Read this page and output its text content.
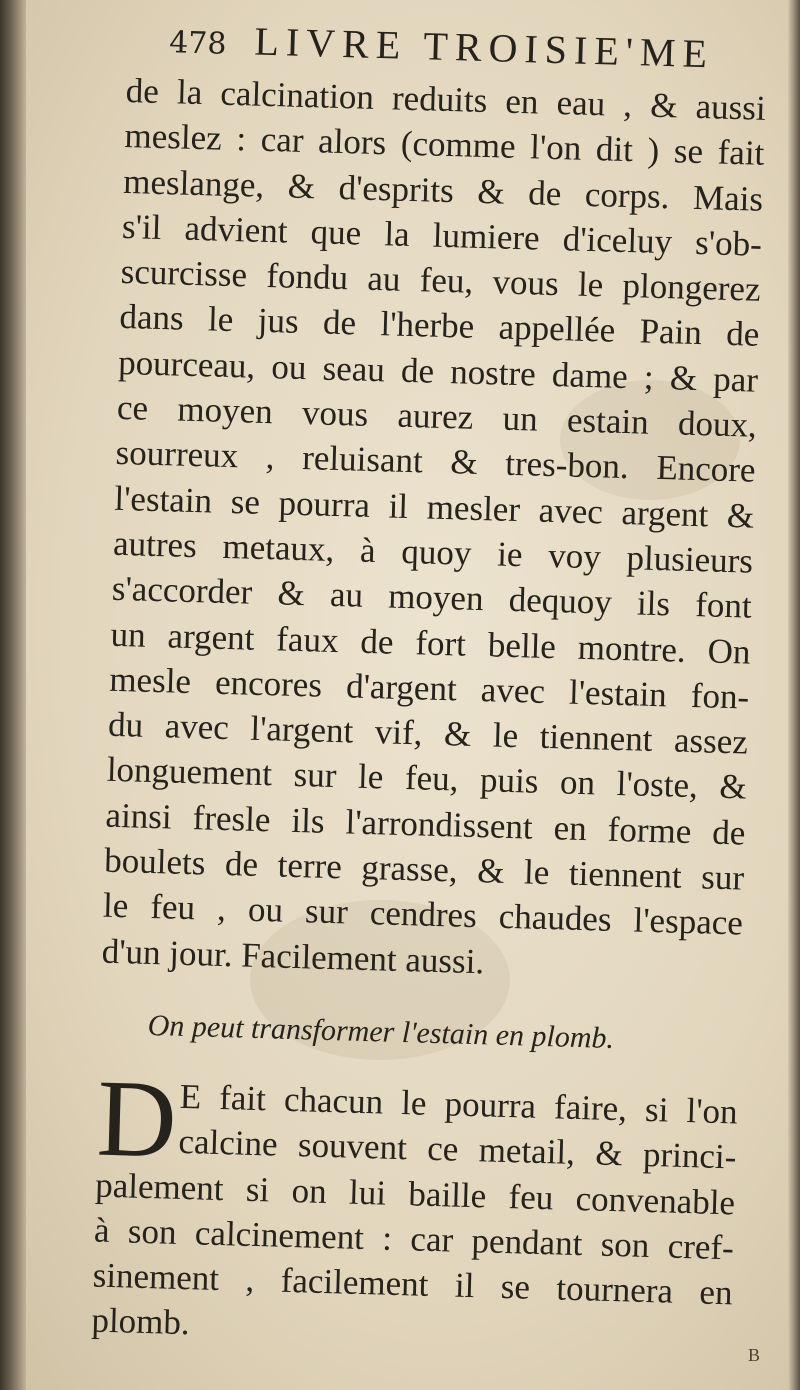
478 LIVRE TROISIE'ME

de la calcination reduits en eau , & aussi

meslez : car alors (comme l'on dit ) se fait

meslange, & d'esprits & de corps. Mais

s'il advient que la lumiere d'iceluy s'ob-

scurcisse fondu au feu, vous le plongerez

dans le jus de l'herbe appellée Pain de

pourceau, ou seau de nostre dame ; & par

ce moyen vous aurez un estain doux,

sourreux , reluisant & tres-bon. Encore

l'estain se pourra il mesler avec argent &

autres metaux, à quoy ie voy plusieurs

s'accorder & au moyen dequoy ils font

un argent faux de fort belle montre. On

mesle encores d'argent avec l'estain fon-

du avec l'argent vif, & le tiennent assez

longuement sur le feu, puis on l'oste, &

ainsi fresle ils l'arrondissent en forme de

boulets de terre grasse, & le tiennent sur

le feu , ou sur cendres chaudes l'espace

d'un jour. Facilement aussi.

On peut transformer l'estain en plomb.
D E fait chacun le pourra faire, si l'on

calcine souvent ce metail, & princi-

palement si on lui baille feu convenable

à son calcinement : car pendant son cref-

sinement , facilement il se tournera en

plomb.

B
